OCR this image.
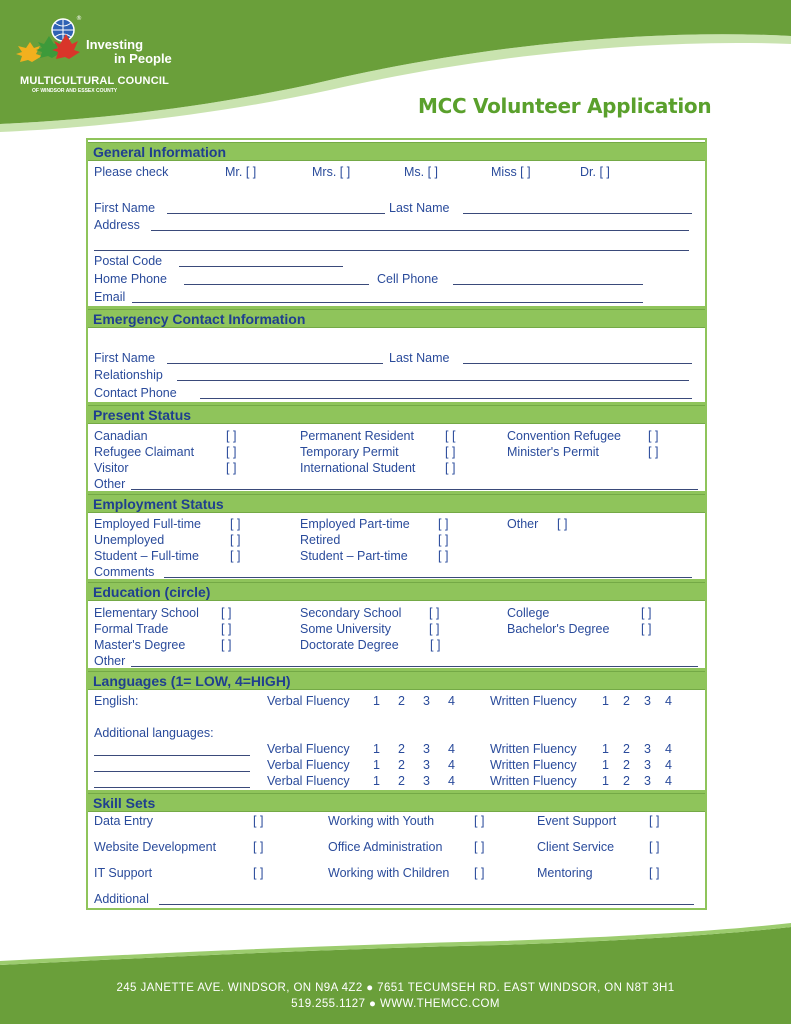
®
Investing
in People
MULTICULTURAL COUNCIL
OF WINDSOR AND ESSEX COUNTY
MCC Volunteer Application
General Information
Please check	Mr. [ ]	Mrs. [ ]	Ms. [ ]	Miss [ ]	Dr. [ ]
First Name	Last Name
Address
Postal Code
Home Phone	Cell Phone
Email
Emergency Contact Information
First Name	Last Name
Relationship
Contact Phone
Present Status
Canadian	[ ]	Permanent Resident [ [	Convention Refugee [ ]
Refugee Claimant	[ ]	Temporary Permit	[ ]	Minister's Permit	[ ]
Visitor	[ ]	International Student [ ]
Other
Employment Status
Employed Full-time [ ]	Employed Part-time [ ]	Other [ ]
Unemployed	[ ]	Retired	[ ]
Student – Full-time [ ]	Student – Part-time [ ]
Comments
Education (circle)
Elementary School [ ]	Secondary School [ ]	College	[ ]
Formal Trade	[ ]	Some University	[ ]	Bachelor's Degree	[ ]
Master's Degree	[ ]	Doctorate Degree	[ ]
Other
Languages (1= LOW, 4=HIGH)
English:	Verbal Fluency 1 2 3 4	Written Fluency 1 2 3 4
Additional languages:
Verbal Fluency 1 2 3 4	Written Fluency 1 2 3 4
Verbal Fluency 1 2 3 4	Written Fluency 1 2 3 4
Verbal Fluency 1 2 3 4	Written Fluency 1 2 3 4
Skill Sets
Data Entry	[ ]	Working with Youth	[ ]	Event Support	[ ]
Website Development	[ ]	Office Administration	[ ]	Client Service	[ ]
IT Support	[ ]	Working with Children [ ]	Mentoring	[ ]
Additional
245 JANETTE AVE. WINDSOR, ON N9A 4Z2 ● 7651 TECUMSEH RD. EAST WINDSOR, ON N8T 3H1
519.255.1127 ● WWW.THEMCC.COM
